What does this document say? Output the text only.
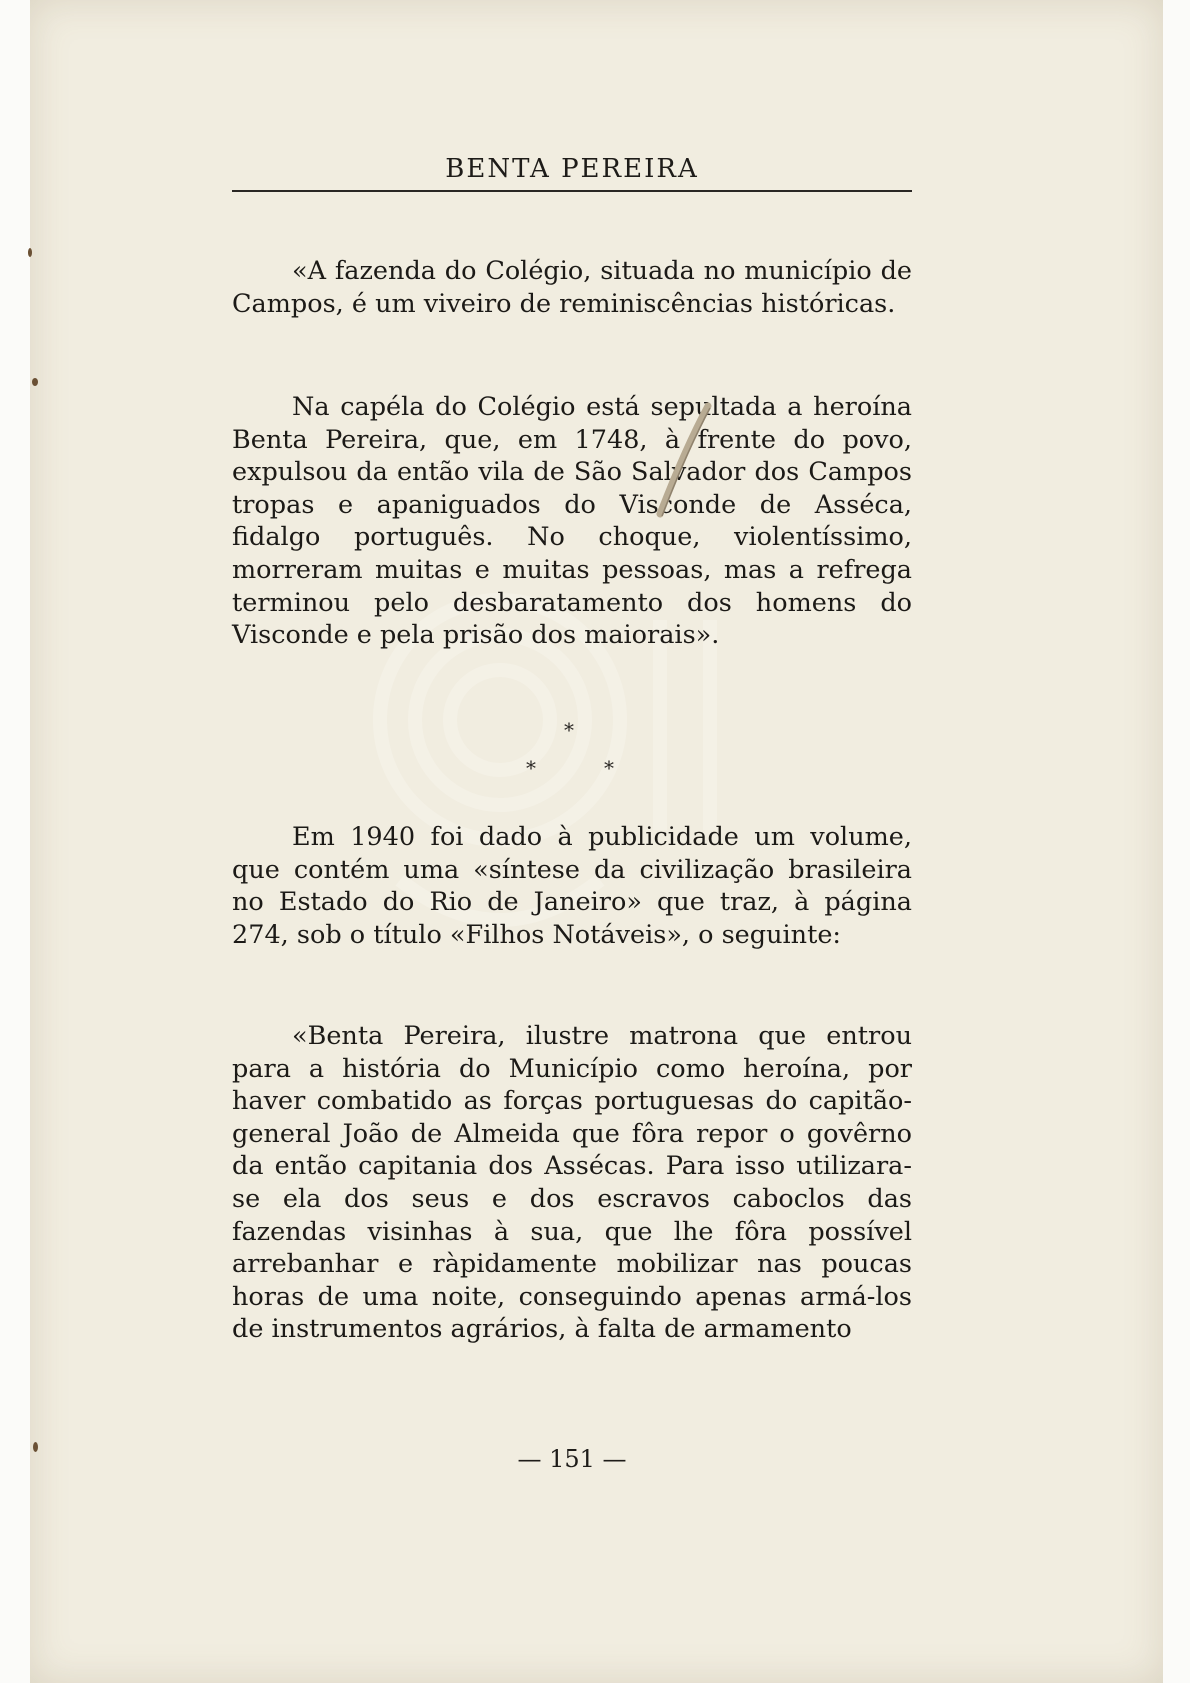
BENTA PEREIRA

«A fazenda do Colégio, situada no município de Campos, é um viveiro de reminiscências históricas.

Na capéla do Colégio está sepultada a heroína Benta Pereira, que, em 1748, à frente do povo, expulsou da então vila de São Salvador dos Campos tropas e apaniguados do Visconde de Asséca, fidalgo português. No choque, violentíssimo, morreram muitas e muitas pessoas, mas a refrega terminou pelo desbaratamento dos homens do Visconde e pela prisão dos maiorais».

*
*	*

Em 1940 foi dado à publicidade um volume, que contém uma «síntese da civilização brasileira no Estado do Rio de Janeiro» que traz, à página 274, sob o título «Filhos Notáveis», o seguinte:

«Benta Pereira, ilustre matrona que entrou para a história do Município como heroína, por haver combatido as forças portuguesas do capitão-general João de Almeida que fôra repor o govêrno da então capitania dos Assécas. Para isso utilizara-se ela dos seus e dos escravos caboclos das fazendas visinhas à sua, que lhe fôra possível arrebanhar e ràpidamente mobilizar nas poucas horas de uma noite, conseguindo apenas armá-los de instrumentos agrários, à falta de armamento

— 151 —
